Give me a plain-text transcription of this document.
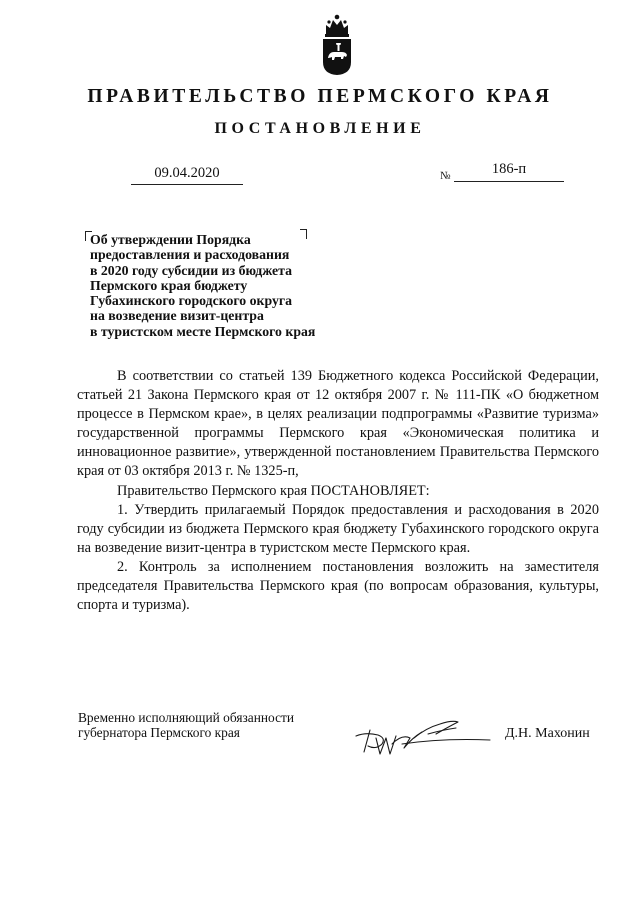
ПРАВИТЕЛЬСТВО ПЕРМСКОГО КРАЯ
ПОСТАНОВЛЕНИЕ
09.04.2020	№	186-п
Об утверждении Порядка
предоставления и расходования
в 2020 году субсидии из бюджета
Пермского края бюджету
Губахинского городского округа
на возведение визит-центра
в туристском месте Пермского края

В соответствии со статьей 139 Бюджетного кодекса Российской Федерации, статьей 21 Закона Пермского края от 12 октября 2007 г. № 111-ПК «О бюджетном процессе в Пермском крае», в целях реализации подпрограммы «Развитие туризма» государственной программы Пермского края «Экономическая политика и инновационное развитие», утвержденной постановлением Правительства Пермского края от 03 октября 2013 г. № 1325-п,

Правительство Пермского края ПОСТАНОВЛЯЕТ:

1. Утвердить прилагаемый Порядок предоставления и расходования в 2020 году субсидии из бюджета Пермского края бюджету Губахинского городского округа на возведение визит-центра в туристском месте Пермского края.

2. Контроль за исполнением постановления возложить на заместителя председателя Правительства Пермского края (по вопросам образования, культуры, спорта и туризма).

Временно исполняющий обязанности
губернатора Пермского края	Д.Н. Махонин
